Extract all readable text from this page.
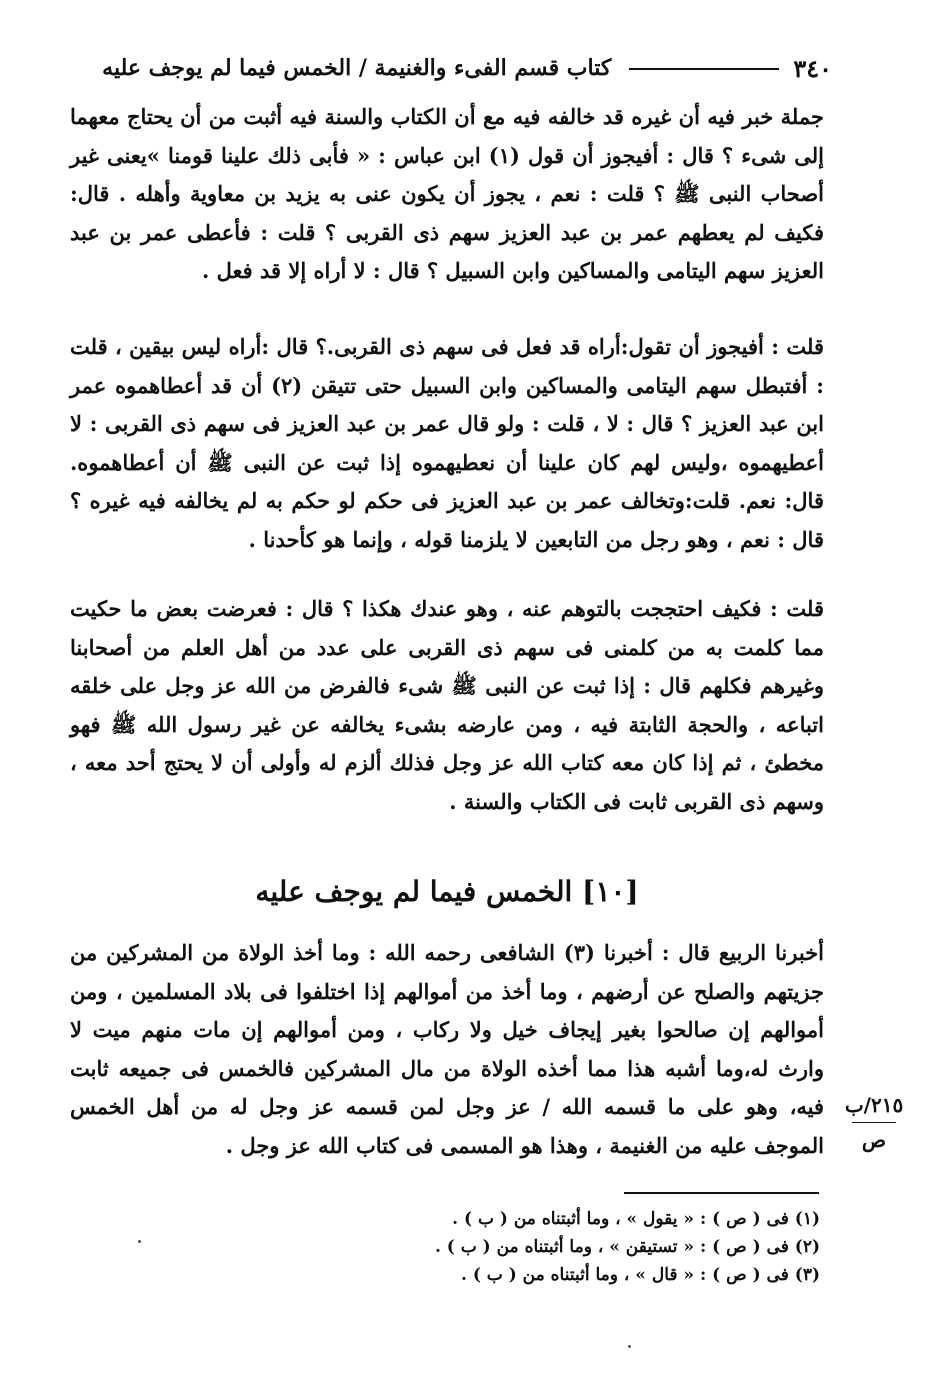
٣٤٠
كتاب قسم الفىء والغنيمة / الخمس فيما لم يوجف عليه

جملة خبر فيه أن غيره قد خالفه فيه مع أن الكتاب والسنة فيه أثبت من أن يحتاج معهما إلى شىء ؟ قال : أفيجوز أن قول (١) ابن عباس : « فأبى ذلك علينا قومنا »يعنى غير أصحاب النبى ﷺ ؟ قلت : نعم ، يجوز أن يكون عنى به يزيد بن معاوية وأهله . قال: فكيف لم يعطهم عمر بن عبد العزيز سهم ذى القربى ؟ قلت : فأعطى عمر بن عبد العزيز سهم اليتامى والمساكين وابن السبيل ؟ قال : لا أراه إلا قد فعل .

قلت : أفيجوز أن تقول:أراه قد فعل فى سهم ذى القربى.؟ قال :أراه ليس بيقين ، قلت : أفتبطل سهم اليتامى والمساكين وابن السبيل حتى تتيقن (٢) أن قد أعطاهموه عمر ابن عبد العزيز ؟ قال : لا ، قلت : ولو قال عمر بن عبد العزيز فى سهم ذى القربى : لا أعطيهموه ،وليس لهم كان علينا أن نعطيهموه إذا ثبت عن النبى ﷺ أن أعطاهموه. قال: نعم. قلت:وتخالف عمر بن عبد العزيز فى حكم لو حكم به لم يخالفه فيه غيره ؟ قال : نعم ، وهو رجل من التابعين لا يلزمنا قوله ، وإنما هو كأحدنا .

قلت : فكيف احتججت بالتوهم عنه ، وهو عندك هكذا ؟ قال : فعرضت بعض ما حكيت مما كلمت به من كلمنى فى سهم ذى القربى على عدد من أهل العلم من أصحابنا وغيرهم فكلهم قال : إذا ثبت عن النبى ﷺ شىء فالفرض من الله عز وجل على خلقه اتباعه ، والحجة الثابتة فيه ، ومن عارضه بشىء يخالفه عن غير رسول الله ﷺ فهو مخطئ ، ثم إذا كان معه كتاب الله عز وجل فذلك ألزم له وأولى أن لا يحتج أحد معه ، وسهم ذى القربى ثابت فى الكتاب والسنة .

[١٠] الخمس فيما لم يوجف عليه

أخبرنا الربيع قال : أخبرنا (٣) الشافعى رحمه الله : وما أخذ الولاة من المشركين من جزيتهم والصلح عن أرضهم ، وما أخذ من أموالهم إذا اختلفوا فى بلاد المسلمين ، ومن أموالهم إن صالحوا بغير إيجاف خيل ولا ركاب ، ومن أموالهم إن مات منهم ميت لا وارث له،وما أشبه هذا مما أخذه الولاة من مال المشركين فالخمس فى جميعه ثابت فيه، وهو على ما قسمه الله / عز وجل لمن قسمه عز وجل له من أهل الخمس الموجف عليه من الغنيمة ، وهذا هو المسمى فى كتاب الله عز وجل .

٢١٥/ب
ص

(١) فى ( ص ) : « يقول » ، وما أثبتناه من ( ب ) .

(٢) فى ( ص ) : « تستيقن » ، وما أثبتناه من ( ب ) .

(٣) فى ( ص ) : « قال » ، وما أثبتناه من ( ب ) .
